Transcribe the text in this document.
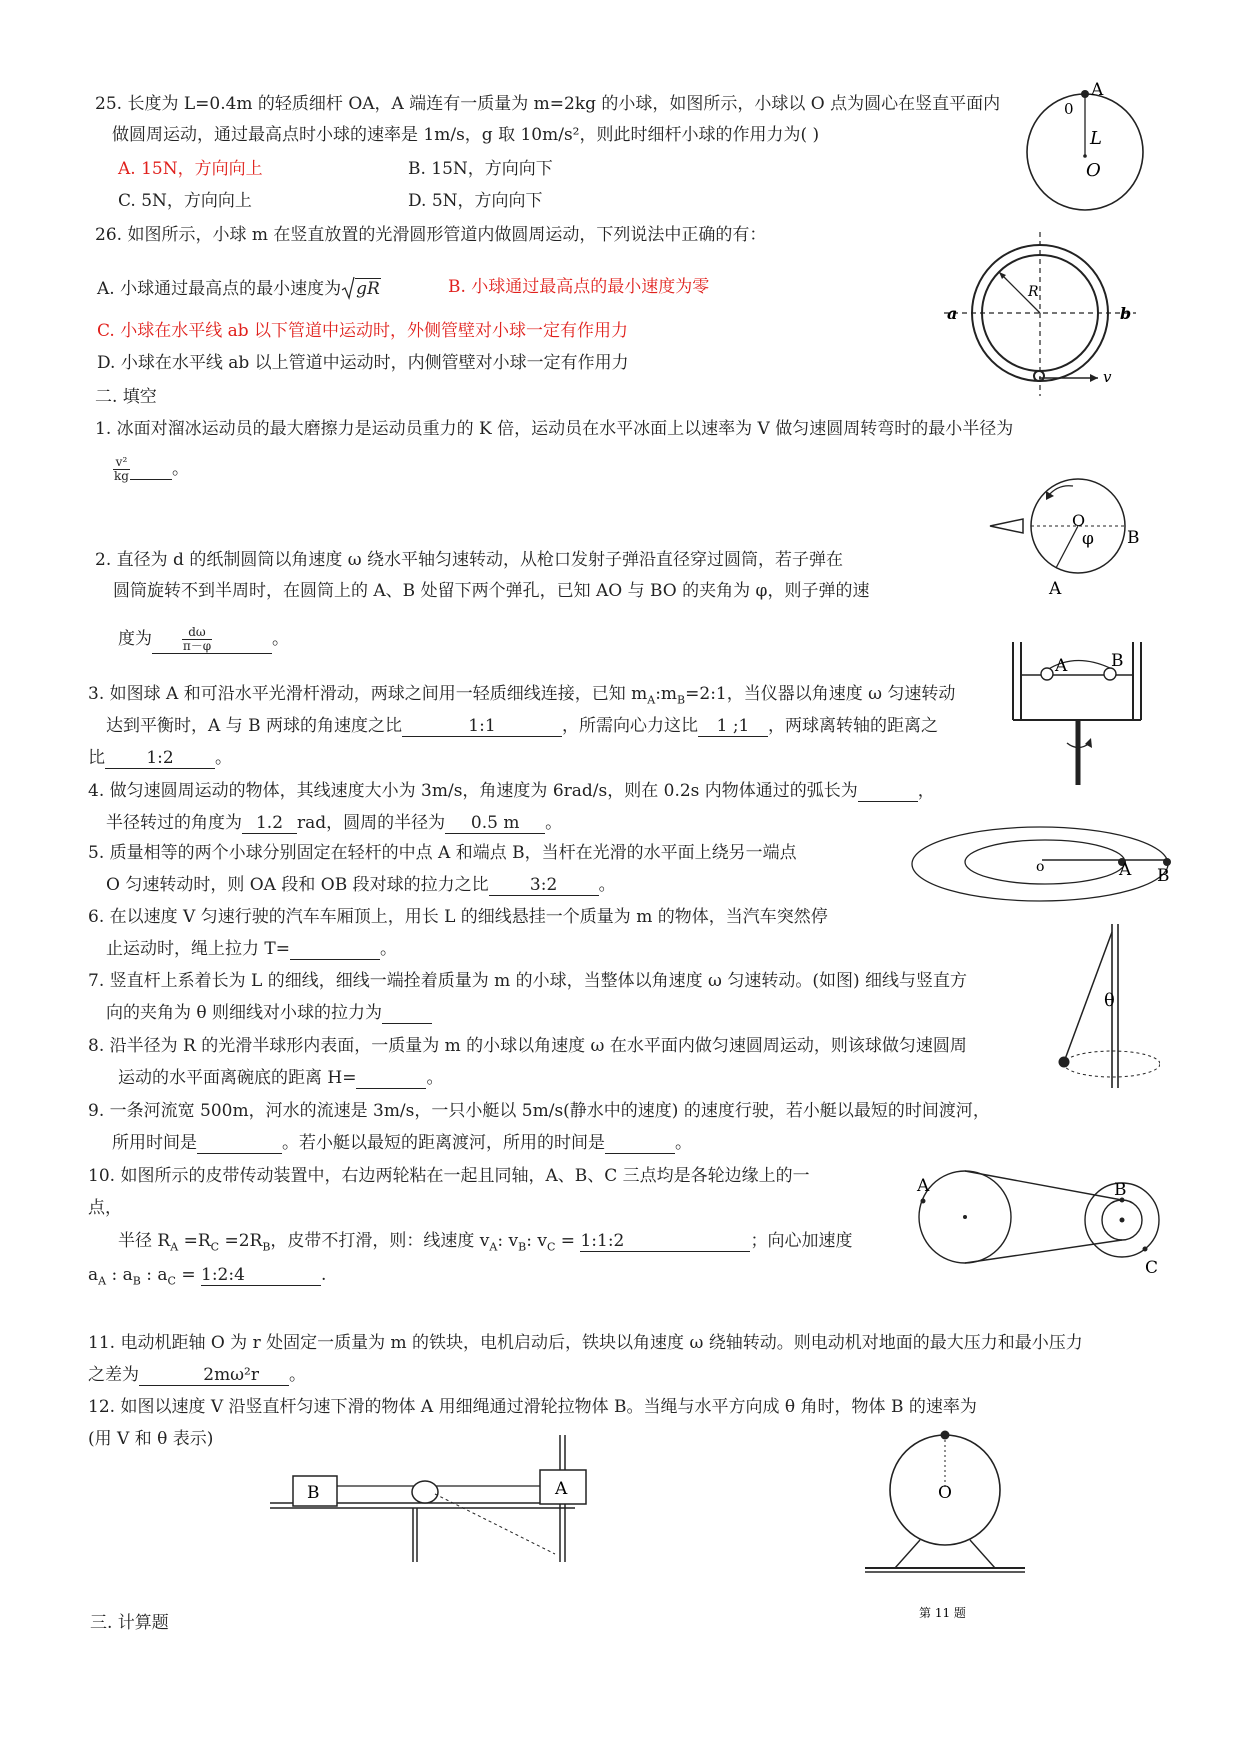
25. 长度为 L=0.4m 的轻质细杆 OA，A 端连有一质量为 m=2kg 的小球，如图所示，小球以 O 点为圆心在竖直平面内
做圆周运动，通过最高点时小球的速率是 1m/s，g 取 10m/s²，则此时细杆小球的作用力为( )
A. 15N，方向向上	B. 15N，方向向下
C. 5N，方向向上	D. 5N，方向向下
A
0
L
O
26. 如图所示，小球 m 在竖直放置的光滑圆形管道内做圆周运动，下列说法中正确的有：
A. 小球通过最高点的最小速度为 gR	B. 小球通过最高点的最小速度为零
C. 小球在水平线 ab 以下管道中运动时，外侧管壁对小球一定有作用力
D. 小球在水平线 ab 以上管道中运动时，内侧管壁对小球一定有作用力
R
a	b
v
二. 填空
1. 冰面对溜冰运动员的最大磨擦力是运动员重力的 K 倍，运动员在水平冰面上以速率为 V 做匀速圆周转弯时的最小半径为
$\frac{\text{v²}}{kg}$ 。
O
φ
A
B
2. 直径为 d 的纸制圆筒以角速度 ω 绕水平轴匀速转动，从枪口发射子弹沿直径穿过圆筒，若子弹在
圆筒旋转不到半周时，在圆筒上的 A、B 处留下两个弹孔，已知 AO 与 BO 的夹角为 φ，则子弹的速
度为 $\frac{d\omega}{\pi-\varphi}$	。
A	B
3. 如图球 A 和可沿水平光滑杆滑动，两球之间用一轻质细线连接，已知 $m_A:m_B=2:1$，当仪器以角速度 ω 匀速转动
达到平衡时，A 与 B 两球的角速度之比	1:1	，所需向心力这比 1 ;1 ，两球离转轴的距离之
比 1:2 。
4. 做匀速圆周运动的物体，其线速度大小为 3m/s，角速度为 6rad/s，则在 0.2s 内物体通过的弧长为	，
半径转过的角度为 1.2 rad，圆周的半径为 0.5 m 。
o	A B
5. 质量相等的两个小球分别固定在轻杆的中点 A 和端点 B，当杆在光滑的水平面上绕另一端点
O 匀速转动时，则 OA 段和 OB 段对球的拉力之比 3:2 。
6. 在以速度 V 匀速行驶的汽车车厢顶上，用长 L 的细线悬挂一个质量为 m 的物体，当汽车突然停
止运动时，绳上拉力 T=	。
θ
7. 竖直杆上系着长为 L 的细线，细线一端拴着质量为 m 的小球，当整体以角速度 ω 匀速转动。(如图) 细线与竖直方
向的夹角为 θ 则细线对小球的拉力为
8. 沿半径为 R 的光滑半球形内表面，一质量为 m 的小球以角速度 ω 在水平面内做匀速圆周运动，则该球做匀速圆周
运动的水平面离碗底的距离 H=	。
9. 一条河流宽 500m，河水的流速是 3m/s，一只小艇以 5m/s(静水中的速度) 的速度行驶，若小艇以最短的时间渡河，
所用时间是	。若小艇以最短的距离渡河，所用的时间是	。
A	B
C
10. 如图所示的皮带传动装置中，右边两轮粘在一起且同轴，A、B、C 三点均是各轮边缘上的一
点，
半径 $R_A =R_C =2R_B$，皮带不打滑，则：线速度 $v_A$: $v_B$: $v_C$ = 1:1:2	；向心加速度
$a_A$ : $a_B$ : $a_C$ = 1:2:4	.
11. 电动机距轴 O 为 r 处固定一质量为 m 的铁块，电机启动后，铁块以角速度 ω 绕轴转动。则电动机对地面的最大压力和最小压力
之差为	2mω²r 。
12. 如图以速度 V 沿竖直杆匀速下滑的物体 A 用细绳通过滑轮拉物体 B。当绳与水平方向成 θ 角时，物体 B 的速率为
(用 V 和 θ 表示)
B	A	O
第 11 题
三. 计算题
